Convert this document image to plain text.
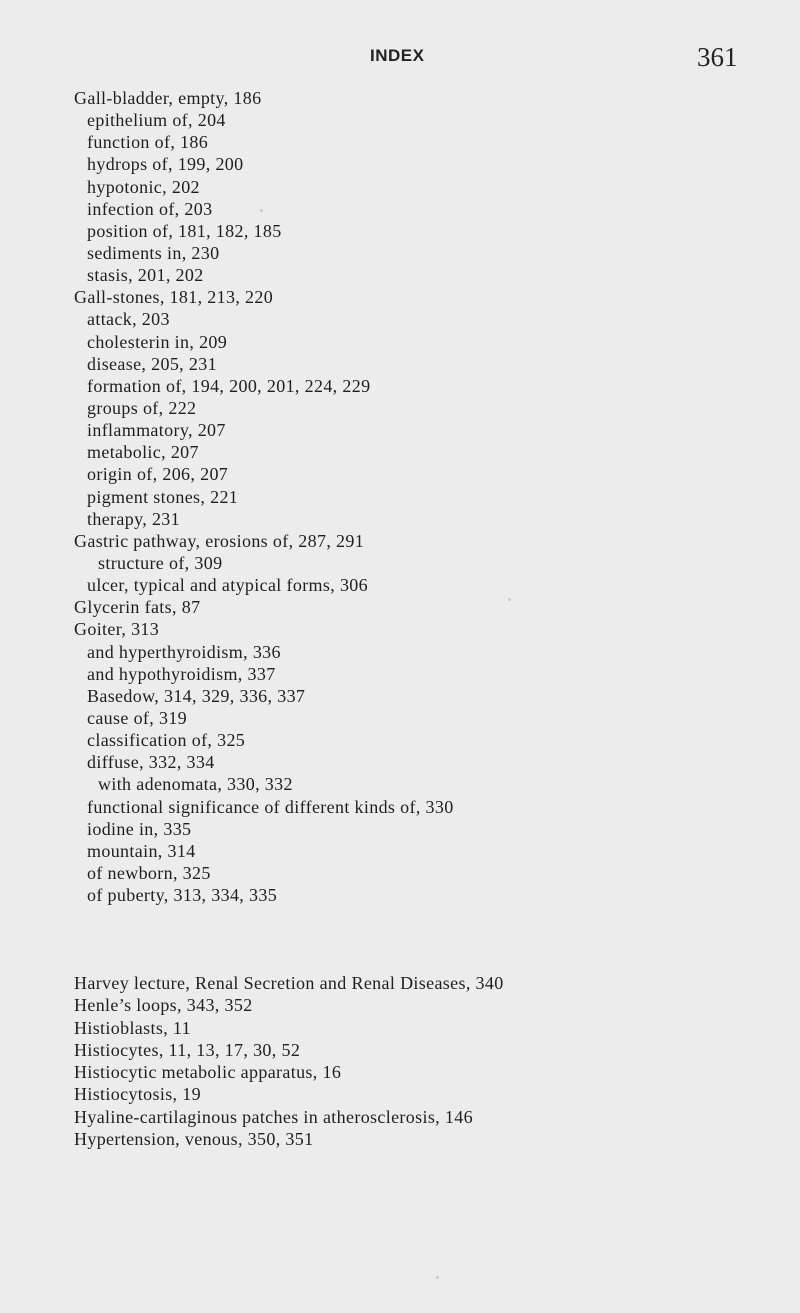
INDEX	361
Gall-bladder, empty, 186
epithelium of, 204
function of, 186
hydrops of, 199, 200
hypotonic, 202
infection of, 203
position of, 181, 182, 185
sediments in, 230
stasis, 201, 202
Gall-stones, 181, 213, 220
attack, 203
cholesterin in, 209
disease, 205, 231
formation of, 194, 200, 201, 224, 229
groups of, 222
inflammatory, 207
metabolic, 207
origin of, 206, 207
pigment stones, 221
therapy, 231
Gastric pathway, erosions of, 287, 291
structure of, 309
ulcer, typical and atypical forms, 306
Glycerin fats, 87
Goiter, 313
and hyperthyroidism, 336
and hypothyroidism, 337
Basedow, 314, 329, 336, 337
cause of, 319
classification of, 325
diffuse, 332, 334
with adenomata, 330, 332
functional significance of different kinds of, 330
iodine in, 335
mountain, 314
of newborn, 325
of puberty, 313, 334, 335
Harvey lecture, Renal Secretion and Renal Diseases, 340
Henle’s loops, 343, 352
Histioblasts, 11
Histiocytes, 11, 13, 17, 30, 52
Histiocytic metabolic apparatus, 16
Histiocytosis, 19
Hyaline-cartilaginous patches in atherosclerosis, 146
Hypertension, venous, 350, 351
